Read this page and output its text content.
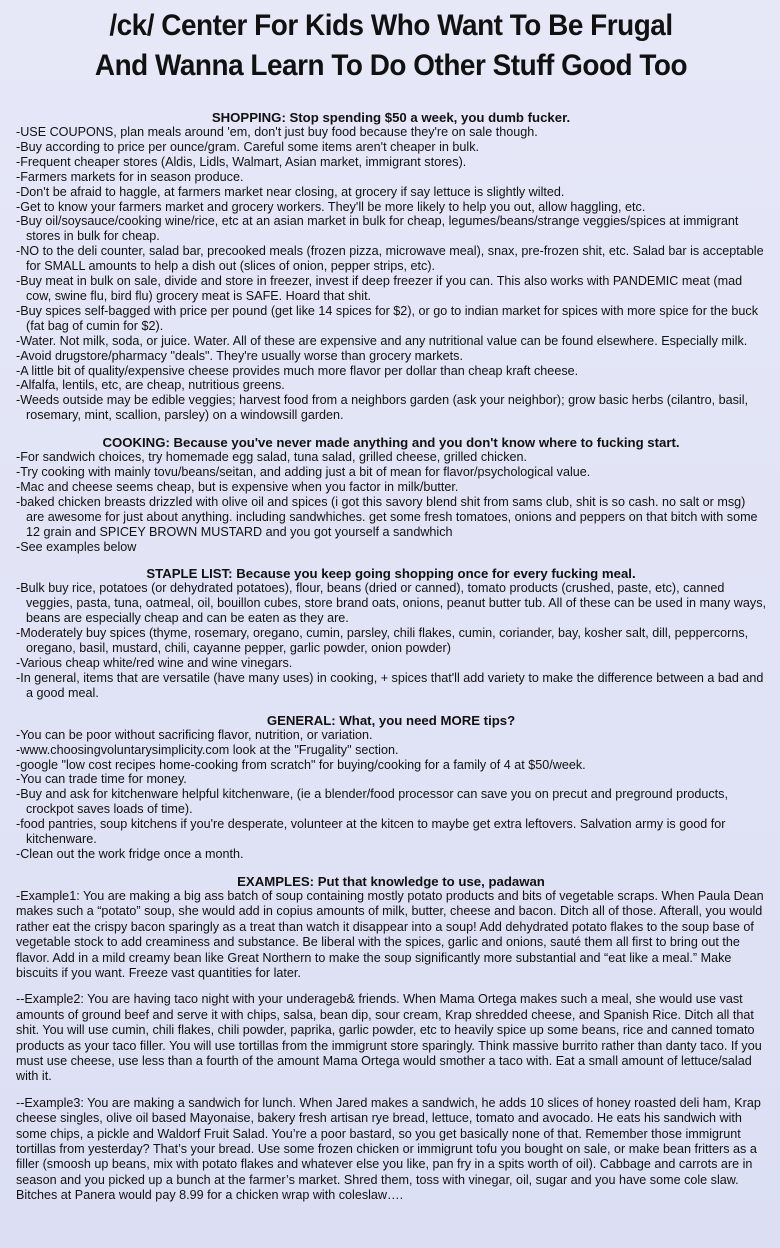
/ck/ Center For Kids Who Want To Be Frugal
And Wanna Learn To Do Other Stuff Good Too
SHOPPING: Stop spending $50 a week, you dumb fucker.
-USE COUPONS, plan meals around 'em, don't just buy food because they're on sale though.
-Buy according to price per ounce/gram. Careful some items aren't cheaper in bulk.
-Frequent cheaper stores (Aldis, Lidls, Walmart, Asian market, immigrant stores).
-Farmers markets for in season produce.
-Don't be afraid to haggle, at farmers market near closing, at grocery if say lettuce is slightly wilted.
-Get to know your farmers market and grocery workers. They'll be more likely to help you out, allow haggling, etc.
-Buy oil/soysauce/cooking wine/rice, etc at an asian market in bulk for cheap, legumes/beans/strange veggies/spices at immigrant stores in bulk for cheap.
-NO to the deli counter, salad bar, precooked meals (frozen pizza, microwave meal), snax, pre-frozen shit, etc. Salad bar is acceptable for SMALL amounts to help a dish out (slices of onion, pepper strips, etc).
-Buy meat in bulk on sale, divide and store in freezer, invest if deep freezer if you can. This also works with PANDEMIC meat (mad cow, swine flu, bird flu) grocery meat is SAFE. Hoard that shit.
-Buy spices self-bagged with price per pound (get like 14 spices for $2), or go to indian market for spices with more spice for the buck (fat bag of cumin for $2).
-Water. Not milk, soda, or juice. Water. All of these are expensive and any nutritional value can be found elsewhere. Especially milk.
-Avoid drugstore/pharmacy "deals". They're usually worse than grocery markets.
-A little bit of quality/expensive cheese provides much more flavor per dollar than cheap kraft cheese.
-Alfalfa, lentils, etc, are cheap, nutritious greens.
-Weeds outside may be edible veggies; harvest food from a neighbors garden (ask your neighbor); grow basic herbs (cilantro, basil, rosemary, mint, scallion, parsley) on a windowsill garden.
COOKING: Because you've never made anything and you don't know where to fucking start.
-For sandwich choices, try homemade egg salad, tuna salad, grilled cheese, grilled chicken.
-Try cooking with mainly tovu/beans/seitan, and adding just a bit of mean for flavor/psychological value.
-Mac and cheese seems cheap, but is expensive when you factor in milk/butter.
-baked chicken breasts drizzled with olive oil and spices (i got this savory blend shit from sams club, shit is so cash. no salt or msg) are awesome for just about anything. including sandwhiches. get some fresh tomatoes, onions and peppers on that bitch with some 12 grain and SPICEY BROWN MUSTARD and you got yourself a sandwhich
-See examples below
STAPLE LIST: Because you keep going shopping once for every fucking meal.
-Bulk buy rice, potatoes (or dehydrated potatoes), flour, beans (dried or canned), tomato products (crushed, paste, etc), canned veggies, pasta, tuna, oatmeal, oil, bouillon cubes, store brand oats, onions, peanut butter tub. All of these can be used in many ways, beans are especially cheap and can be eaten as they are.
-Moderately buy spices (thyme, rosemary, oregano, cumin, parsley, chili flakes, cumin, coriander, bay, kosher salt, dill, peppercorns, oregano, basil, mustard, chili, cayanne pepper, garlic powder, onion powder)
-Various cheap white/red wine and wine vinegars.
-In general, items that are versatile (have many uses) in cooking, + spices that'll add variety to make the difference between a bad and a good meal.
GENERAL: What, you need MORE tips?
-You can be poor without sacrificing flavor, nutrition, or variation.
-www.choosingvoluntarysimplicity.com look at the "Frugality" section.
-google "low cost recipes home-cooking from scratch" for buying/cooking for a family of 4 at $50/week.
-You can trade time for money.
-Buy and ask for kitchenware helpful kitchenware, (ie a blender/food processor can save you on precut and preground products, crockpot saves loads of time).
-food pantries, soup kitchens if you're desperate, volunteer at the kitcen to maybe get extra leftovers. Salvation army is good for kitchenware.
-Clean out the work fridge once a month.
EXAMPLES: Put that knowledge to use, padawan

-Example1: You are making a big ass batch of soup containing mostly potato products and bits of vegetable scraps. When Paula Dean makes such a “potato” soup, she would add in copius amounts of milk, butter, cheese and bacon. Ditch all of those. Afterall, you would rather eat the crispy bacon sparingly as a treat than watch it disappear into a soup! Add dehydrated potato flakes to the soup base of vegetable stock to add creaminess and substance. Be liberal with the spices, garlic and onions, sauté them all first to bring out the flavor. Add in a mild creamy bean like Great Northern to make the soup significantly more substantial and “eat like a meal.” Make biscuits if you want. Freeze vast quantities for later.

--Example2: You are having taco night with your underageb& friends. When Mama Ortega makes such a meal, she would use vast amounts of ground beef and serve it with chips, salsa, bean dip, sour cream, Krap shredded cheese, and Spanish Rice. Ditch all that shit. You will use cumin, chili flakes, chili powder, paprika, garlic powder, etc to heavily spice up some beans, rice and canned tomato products as your taco filler. You will use tortillas from the immigrunt store sparingly. Think massive burrito rather than danty taco. If you must use cheese, use less than a fourth of the amount Mama Ortega would smother a taco with. Eat a small amount of lettuce/salad with it.

--Example3: You are making a sandwich for lunch. When Jared makes a sandwich, he adds 10 slices of honey roasted deli ham, Krap cheese singles, olive oil based Mayonaise, bakery fresh artisan rye bread, lettuce, tomato and avocado. He eats his sandwich with some chips, a pickle and Waldorf Fruit Salad. You’re a poor bastard, so you get basically none of that. Remember those immigrunt tortillas from yesterday? That’s your bread. Use some frozen chicken or immigrunt tofu you bought on sale, or make bean fritters as a filler (smoosh up beans, mix with potato flakes and whatever else you like, pan fry in a spits worth of oil). Cabbage and carrots are in season and you picked up a bunch at the farmer’s market. Shred them, toss with vinegar, oil, sugar and you have some cole slaw. Bitches at Panera would pay 8.99 for a chicken wrap with coleslaw….
